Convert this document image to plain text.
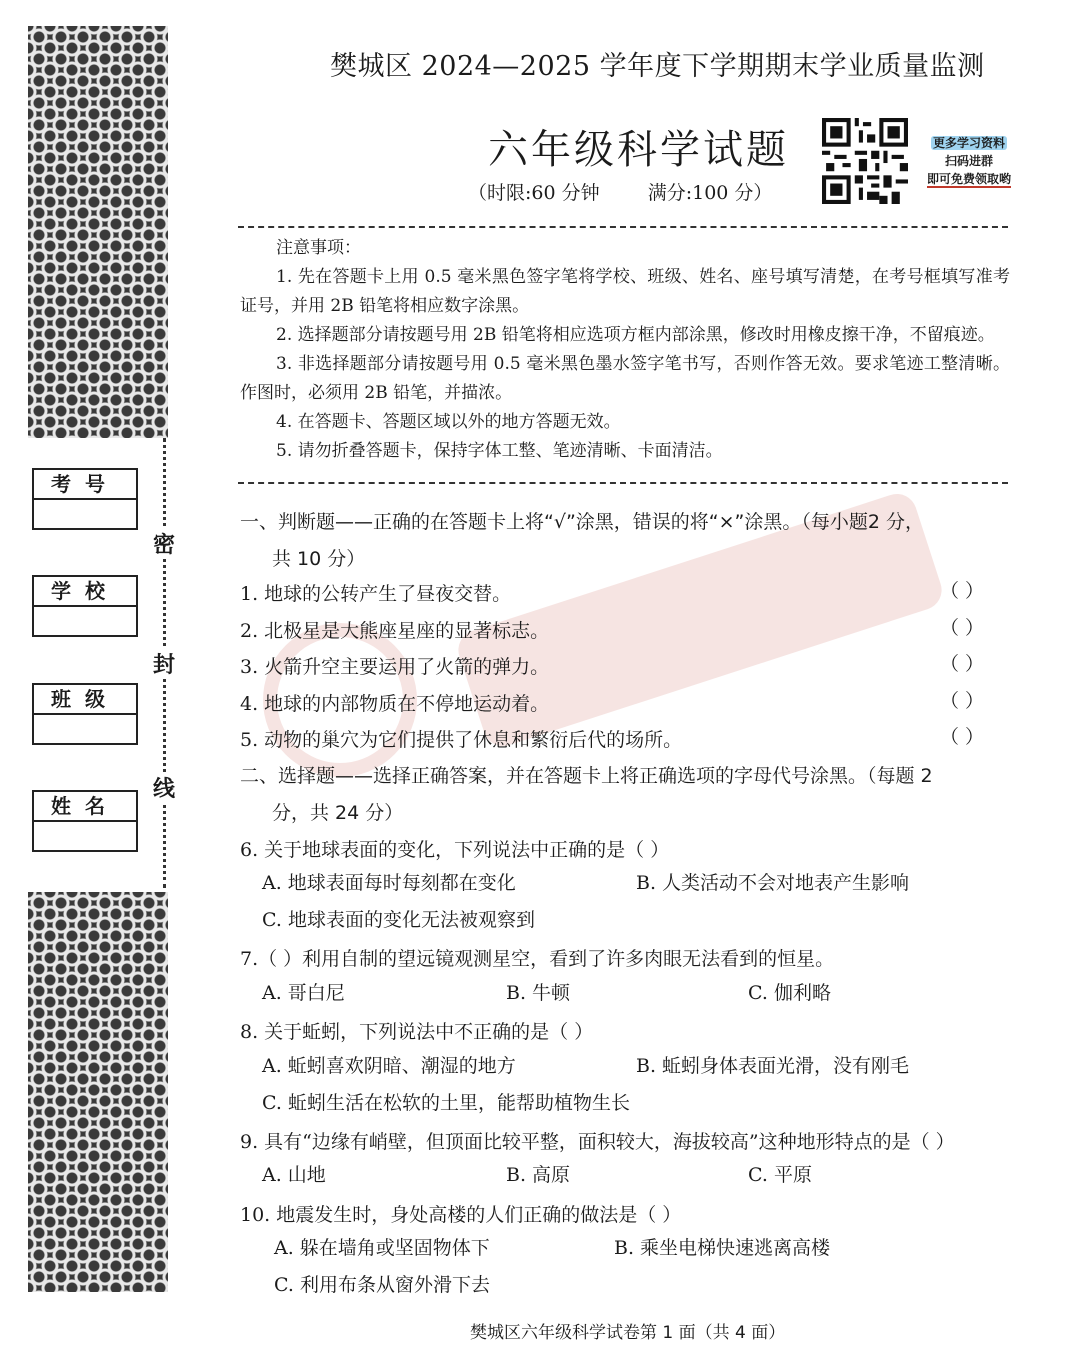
考号
学校
班级
姓名
密
封
线
樊城区 2024—2025 学年度下学期期末学业质量监测
六年级科学试题
（时限:60 分钟	满分:100 分）
更多学习资料
扫码进群
即可免费领取哟
注意事项：

1. 先在答题卡上用 0.5 毫米黑色签字笔将学校、班级、姓名、座号填写清楚，在考号框填写准考证号，并用 2B 铅笔将相应数字涂黑。

2. 选择题部分请按题号用 2B 铅笔将相应选项方框内部涂黑，修改时用橡皮擦干净，不留痕迹。

3. 非选择题部分请按题号用 0.5 毫米黑色墨水签字笔书写，否则作答无效。要求笔迹工整清晰。作图时，必须用 2B 铅笔，并描浓。

4. 在答题卡、答题区域以外的地方答题无效。

5. 请勿折叠答题卡，保持字体工整、笔迹清晰、卡面清洁。

一、判断题——正确的在答题卡上将“√”涂黑，错误的将“×”涂黑。（每小题2 分，
共 10 分）
1. 地球的公转产生了昼夜交替。	（ ）
2. 北极星是大熊座星座的显著标志。	（ ）
3. 火箭升空主要运用了火箭的弹力。	（ ）
4. 地球的内部物质在不停地运动着。	（ ）
5. 动物的巢穴为它们提供了休息和繁衍后代的场所。	（ ）
二、选择题——选择正确答案，并在答题卡上将正确选项的字母代号涂黑。（每题 2
分，共 24 分）
6. 关于地球表面的变化，下列说法中正确的是（ ）
A. 地球表面每时每刻都在变化	B. 人类活动不会对地表产生影响
C. 地球表面的变化无法被观察到
7.（ ）利用自制的望远镜观测星空，看到了许多肉眼无法看到的恒星。
A. 哥白尼	B. 牛顿	C. 伽利略
8. 关于蚯蚓，下列说法中不正确的是（ ）
A. 蚯蚓喜欢阴暗、潮湿的地方	B. 蚯蚓身体表面光滑，没有刚毛
C. 蚯蚓生活在松软的土里，能帮助植物生长
9. 具有“边缘有峭壁，但顶面比较平整，面积较大，海拔较高”这种地形特点的是（ ）
A. 山地	B. 高原	C. 平原
10. 地震发生时，身处高楼的人们正确的做法是（ ）
A. 躲在墙角或坚固物体下	B. 乘坐电梯快速逃离高楼
C. 利用布条从窗外滑下去
樊城区六年级科学试卷第 1 面（共 4 面）
